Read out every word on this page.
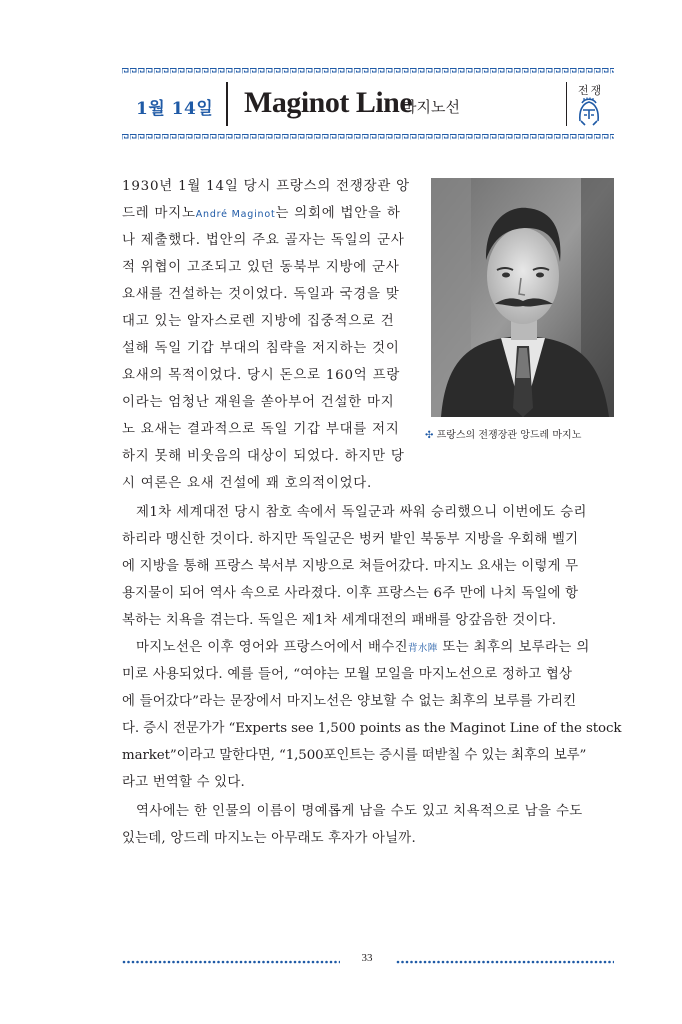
1월 14일 Maginot Line
마지노선
전쟁
✣ 프랑스의 전쟁장관 앙드레 마지노
1930년 1월 14일 당시 프랑스의 전쟁장관 앙
드레 마지노André Maginot는 의회에 법안을 하
나 제출했다. 법안의 주요 골자는 독일의 군사
적 위협이 고조되고 있던 동북부 지방에 군사
요새를 건설하는 것이었다. 독일과 국경을 맞
대고 있는 알자스로렌 지방에 집중적으로 건
설해 독일 기갑 부대의 침략을 저지하는 것이
요새의 목적이었다. 당시 돈으로 160억 프랑
이라는 엄청난 재원을 쏟아부어 건설한 마지
노 요새는 결과적으로 독일 기갑 부대를 저지
하지 못해 비웃음의 대상이 되었다. 하지만 당
시 여론은 요새 건설에 꽤 호의적이었다.
제1차 세계대전 당시 참호 속에서 독일군과 싸워 승리했으니 이번에도 승리
하리라 맹신한 것이다. 하지만 독일군은 벙커 밭인 북동부 지방을 우회해 벨기
에 지방을 통해 프랑스 북서부 지방으로 쳐들어갔다. 마지노 요새는 이렇게 무
용지물이 되어 역사 속으로 사라졌다. 이후 프랑스는 6주 만에 나치 독일에 항
복하는 치욕을 겪는다. 독일은 제1차 세계대전의 패배를 앙갚음한 것이다.
마지노선은 이후 영어와 프랑스어에서 배수진背水陣 또는 최후의 보루라는 의
미로 사용되었다. 예를 들어, “여야는 모월 모일을 마지노선으로 정하고 협상
에 들어갔다”라는 문장에서 마지노선은 양보할 수 없는 최후의 보루를 가리킨
다. 증시 전문가가 “Experts see 1,500 points as the Maginot Line of the stock
market”이라고 말한다면, “1,500포인트는 증시를 떠받칠 수 있는 최후의 보루”
라고 번역할 수 있다.
역사에는 한 인물의 이름이 명예롭게 남을 수도 있고 치욕적으로 남을 수도
있는데, 앙드레 마지노는 아무래도 후자가 아닐까.
33
